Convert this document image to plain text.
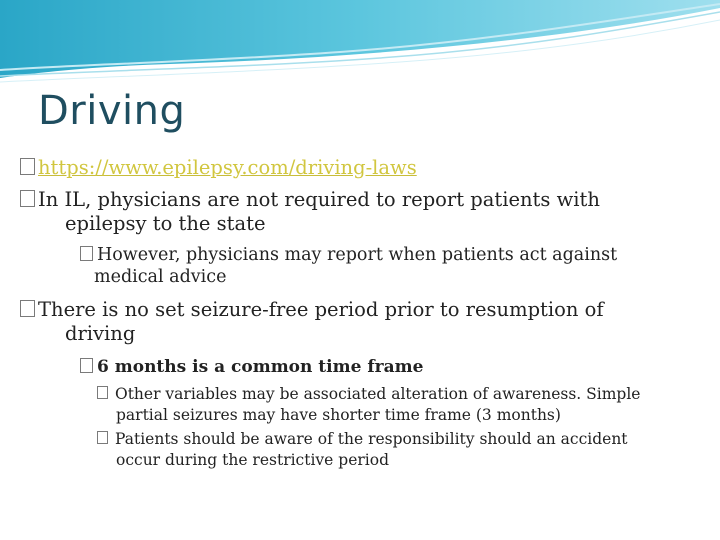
Driving
https://www.epilepsy.com/driving-laws
In IL, physicians are not required to report patients with
epilepsy to the state
However, physicians may report when patients act against
medical advice
There is no set seizure-free period prior to resumption of
driving
6 months is a common time frame
Other variables may be associated alteration of awareness. Simple
partial seizures may have shorter time frame (3 months)
Patients should be aware of the responsibility should an accident
occur during the restrictive period
